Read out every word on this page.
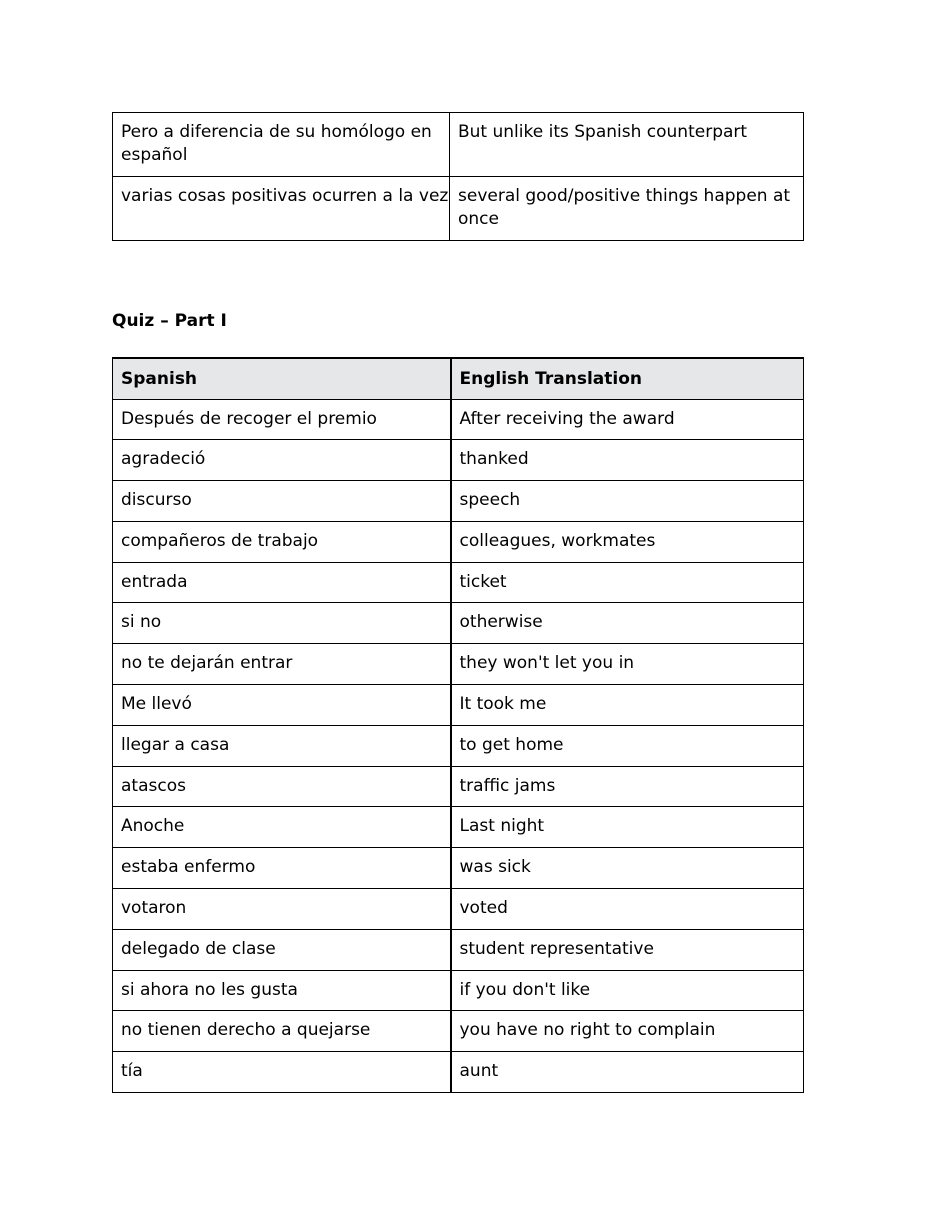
Pero a diferencia de su homólogo en español	But unlike its Spanish counterpart
varias cosas positivas ocurren a la vez	several good/positive things happen at once
Quiz – Part I
Spanish	English Translation
Después de recoger el premio	After receiving the award
agradeció	thanked
discurso	speech
compañeros de trabajo	colleagues, workmates
entrada	ticket
si no	otherwise
no te dejarán entrar	they won't let you in
Me llevó	It took me
llegar a casa	to get home
atascos	traffic jams
Anoche	Last night
estaba enfermo	was sick
votaron	voted
delegado de clase	student representative
si ahora no les gusta	if you don't like
no tienen derecho a quejarse	you have no right to complain
tía	aunt
